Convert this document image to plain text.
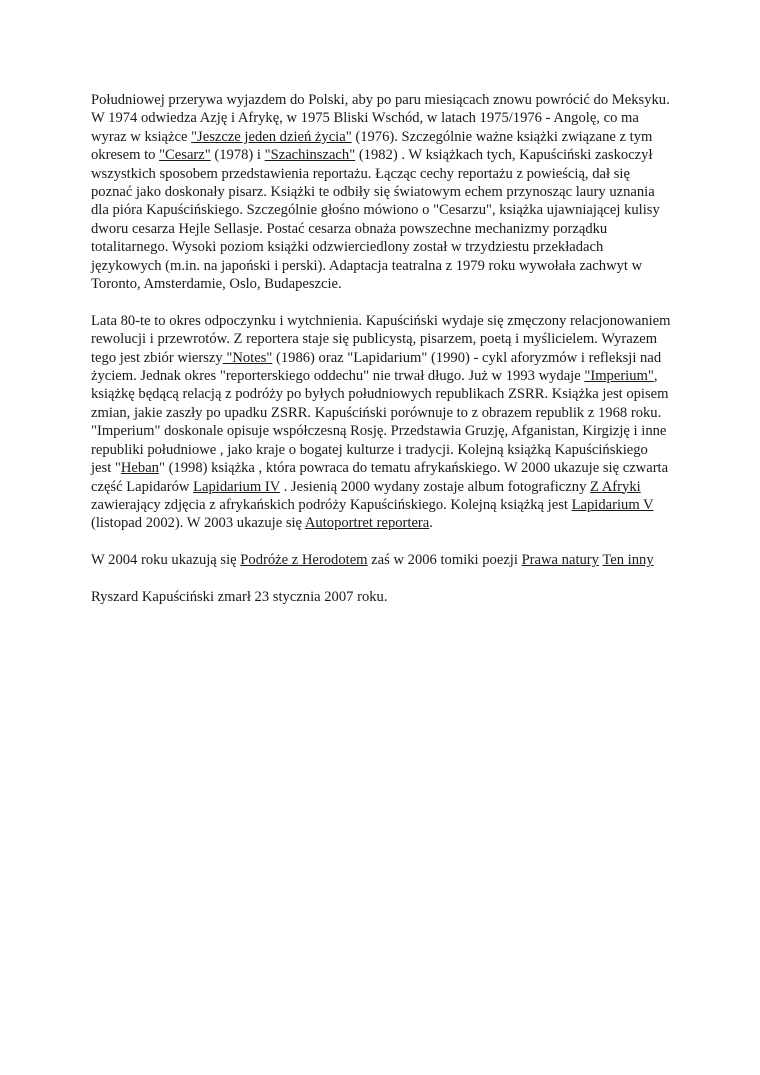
Południowej przerywa wyjazdem do Polski, aby po paru miesiącach znowu powrócić do Meksyku. W 1974 odwiedza Azję i Afrykę, w 1975 Bliski Wschód, w latach 1975/1976 - Angolę, co ma wyraz w książce "Jeszcze jeden dzień życia" (1976). Szczególnie ważne książki związane z tym okresem to "Cesarz" (1978) i "Szachinszach" (1982) . W książkach tych, Kapuściński zaskoczył wszystkich sposobem przedstawienia reportażu. Łącząc cechy reportażu z powieścią, dał się poznać jako doskonały pisarz. Książki te odbiły się światowym echem przynosząc laury uznania dla pióra Kapuścińskiego. Szczególnie głośno mówiono o "Cesarzu", książka ujawniającej kulisy dworu cesarza Hejle Sellasje. Postać cesarza obnaża powszechne mechanizmy porządku totalitarnego. Wysoki poziom książki odzwierciedlony został w trzydziestu przekładach językowych (m.in. na japoński i perski). Adaptacja teatralna z 1979 roku wywołała zachwyt w Toronto, Amsterdamie, Oslo, Budapeszcie.

Lata 80-te to okres odpoczynku i wytchnienia. Kapuściński wydaje się zmęczony relacjonowaniem rewolucji i przewrotów. Z reportera staje się publicystą, pisarzem, poetą i myślicielem. Wyrazem tego jest zbiór wierszy "Notes" (1986) oraz "Lapidarium" (1990) - cykl aforyzmów i refleksji nad życiem. Jednak okres "reporterskiego oddechu" nie trwał długo. Już w 1993 wydaje "Imperium", książkę będącą relacją z podróży po byłych południowych republikach ZSRR. Książka jest opisem zmian, jakie zaszły po upadku ZSRR. Kapuściński porównuje to z obrazem republik z 1968 roku. "Imperium" doskonale opisuje współczesną Rosję. Przedstawia Gruzję, Afganistan, Kirgizję i inne republiki południowe , jako kraje o bogatej kulturze i tradycji. Kolejną książką Kapuścińskiego jest "Heban" (1998) książka , która powraca do tematu afrykańskiego. W 2000 ukazuje się czwarta część Lapidarów Lapidarium IV . Jesienią 2000 wydany zostaje album fotograficzny Z Afryki zawierający zdjęcia z afrykańskich podróży Kapuścińskiego. Kolejną książką jest Lapidarium V (listopad 2002). W 2003 ukazuje się Autoportret reportera.

W 2004 roku ukazują się Podróże z Herodotem zaś w 2006 tomiki poezji Prawa natury Ten inny

Ryszard Kapuściński zmarł 23 stycznia 2007 roku.
